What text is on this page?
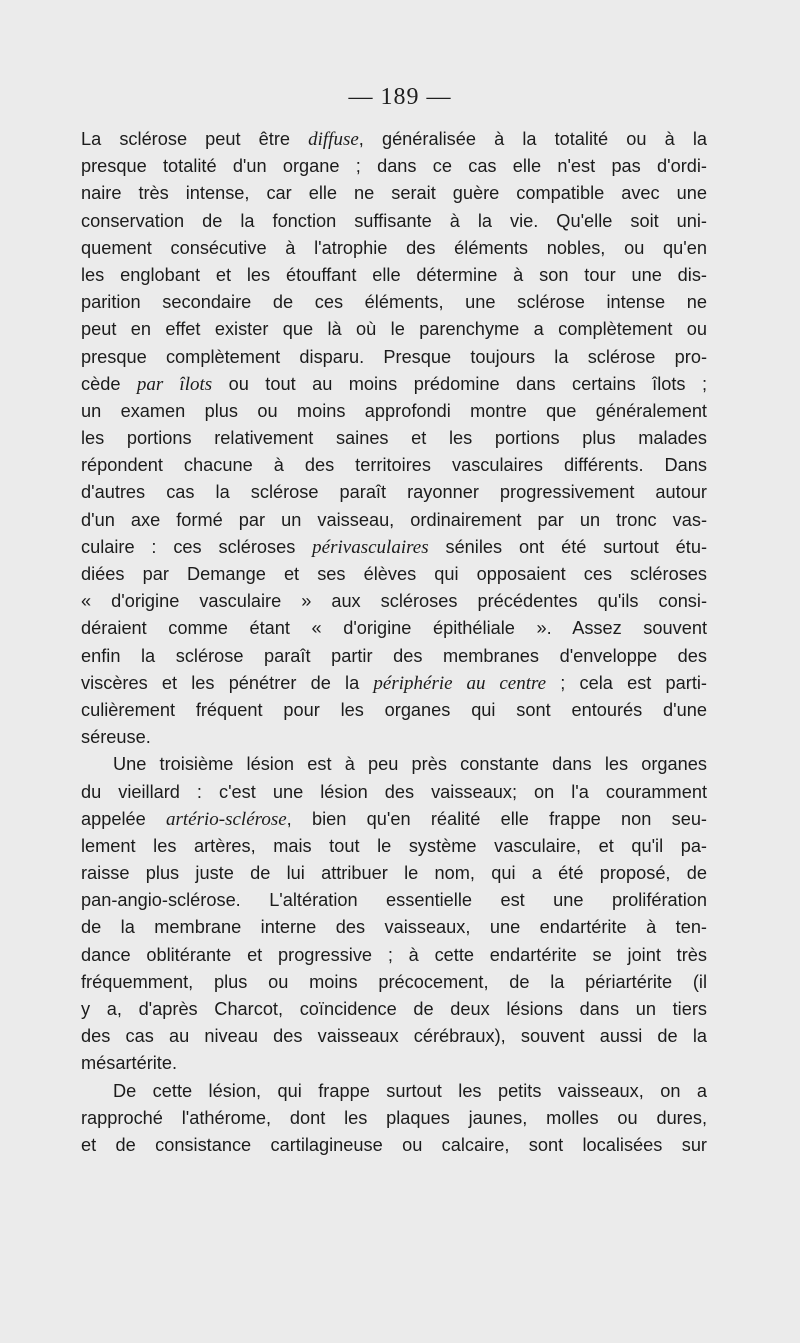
— 189 —
La sclérose peut être diffuse, généralisée à la totalité ou à la
presque totalité d'un organe ; dans ce cas elle n'est pas d'ordi-
naire très intense, car elle ne serait guère compatible avec une
conservation de la fonction suffisante à la vie. Qu'elle soit uni-
quement consécutive à l'atrophie des éléments nobles, ou qu'en
les englobant et les étouffant elle détermine à son tour une dis-
parition secondaire de ces éléments, une sclérose intense ne
peut en effet exister que là où le parenchyme a complètement ou
presque complètement disparu. Presque toujours la sclérose pro-
cède par îlots ou tout au moins prédomine dans certains îlots ;
un examen plus ou moins approfondi montre que généralement
les portions relativement saines et les portions plus malades
répondent chacune à des territoires vasculaires différents. Dans
d'autres cas la sclérose paraît rayonner progressivement autour
d'un axe formé par un vaisseau, ordinairement par un tronc vas-
culaire : ces scléroses périvasculaires séniles ont été surtout étu-
diées par Demange et ses élèves qui opposaient ces scléroses
« d'origine vasculaire » aux scléroses précédentes qu'ils consi-
déraient comme étant « d'origine épithéliale ». Assez souvent
enfin la sclérose paraît partir des membranes d'enveloppe des
viscères et les pénétrer de la périphérie au centre ; cela est parti-
culièrement fréquent pour les organes qui sont entourés d'une
séreuse.
Une troisième lésion est à peu près constante dans les organes
du vieillard : c'est une lésion des vaisseaux; on l'a couramment
appelée artério-sclérose, bien qu'en réalité elle frappe non seu-
lement les artères, mais tout le système vasculaire, et qu'il pa-
raisse plus juste de lui attribuer le nom, qui a été proposé, de
pan-angio-sclérose. L'altération essentielle est une prolifération
de la membrane interne des vaisseaux, une endartérite à ten-
dance oblitérante et progressive ; à cette endartérite se joint très
fréquemment, plus ou moins précocement, de la périartérite (il
y a, d'après Charcot, coïncidence de deux lésions dans un tiers
des cas au niveau des vaisseaux cérébraux), souvent aussi de la
mésartérite.
De cette lésion, qui frappe surtout les petits vaisseaux, on a
rapproché l'athérome, dont les plaques jaunes, molles ou dures,
et de consistance cartilagineuse ou calcaire, sont localisées sur
